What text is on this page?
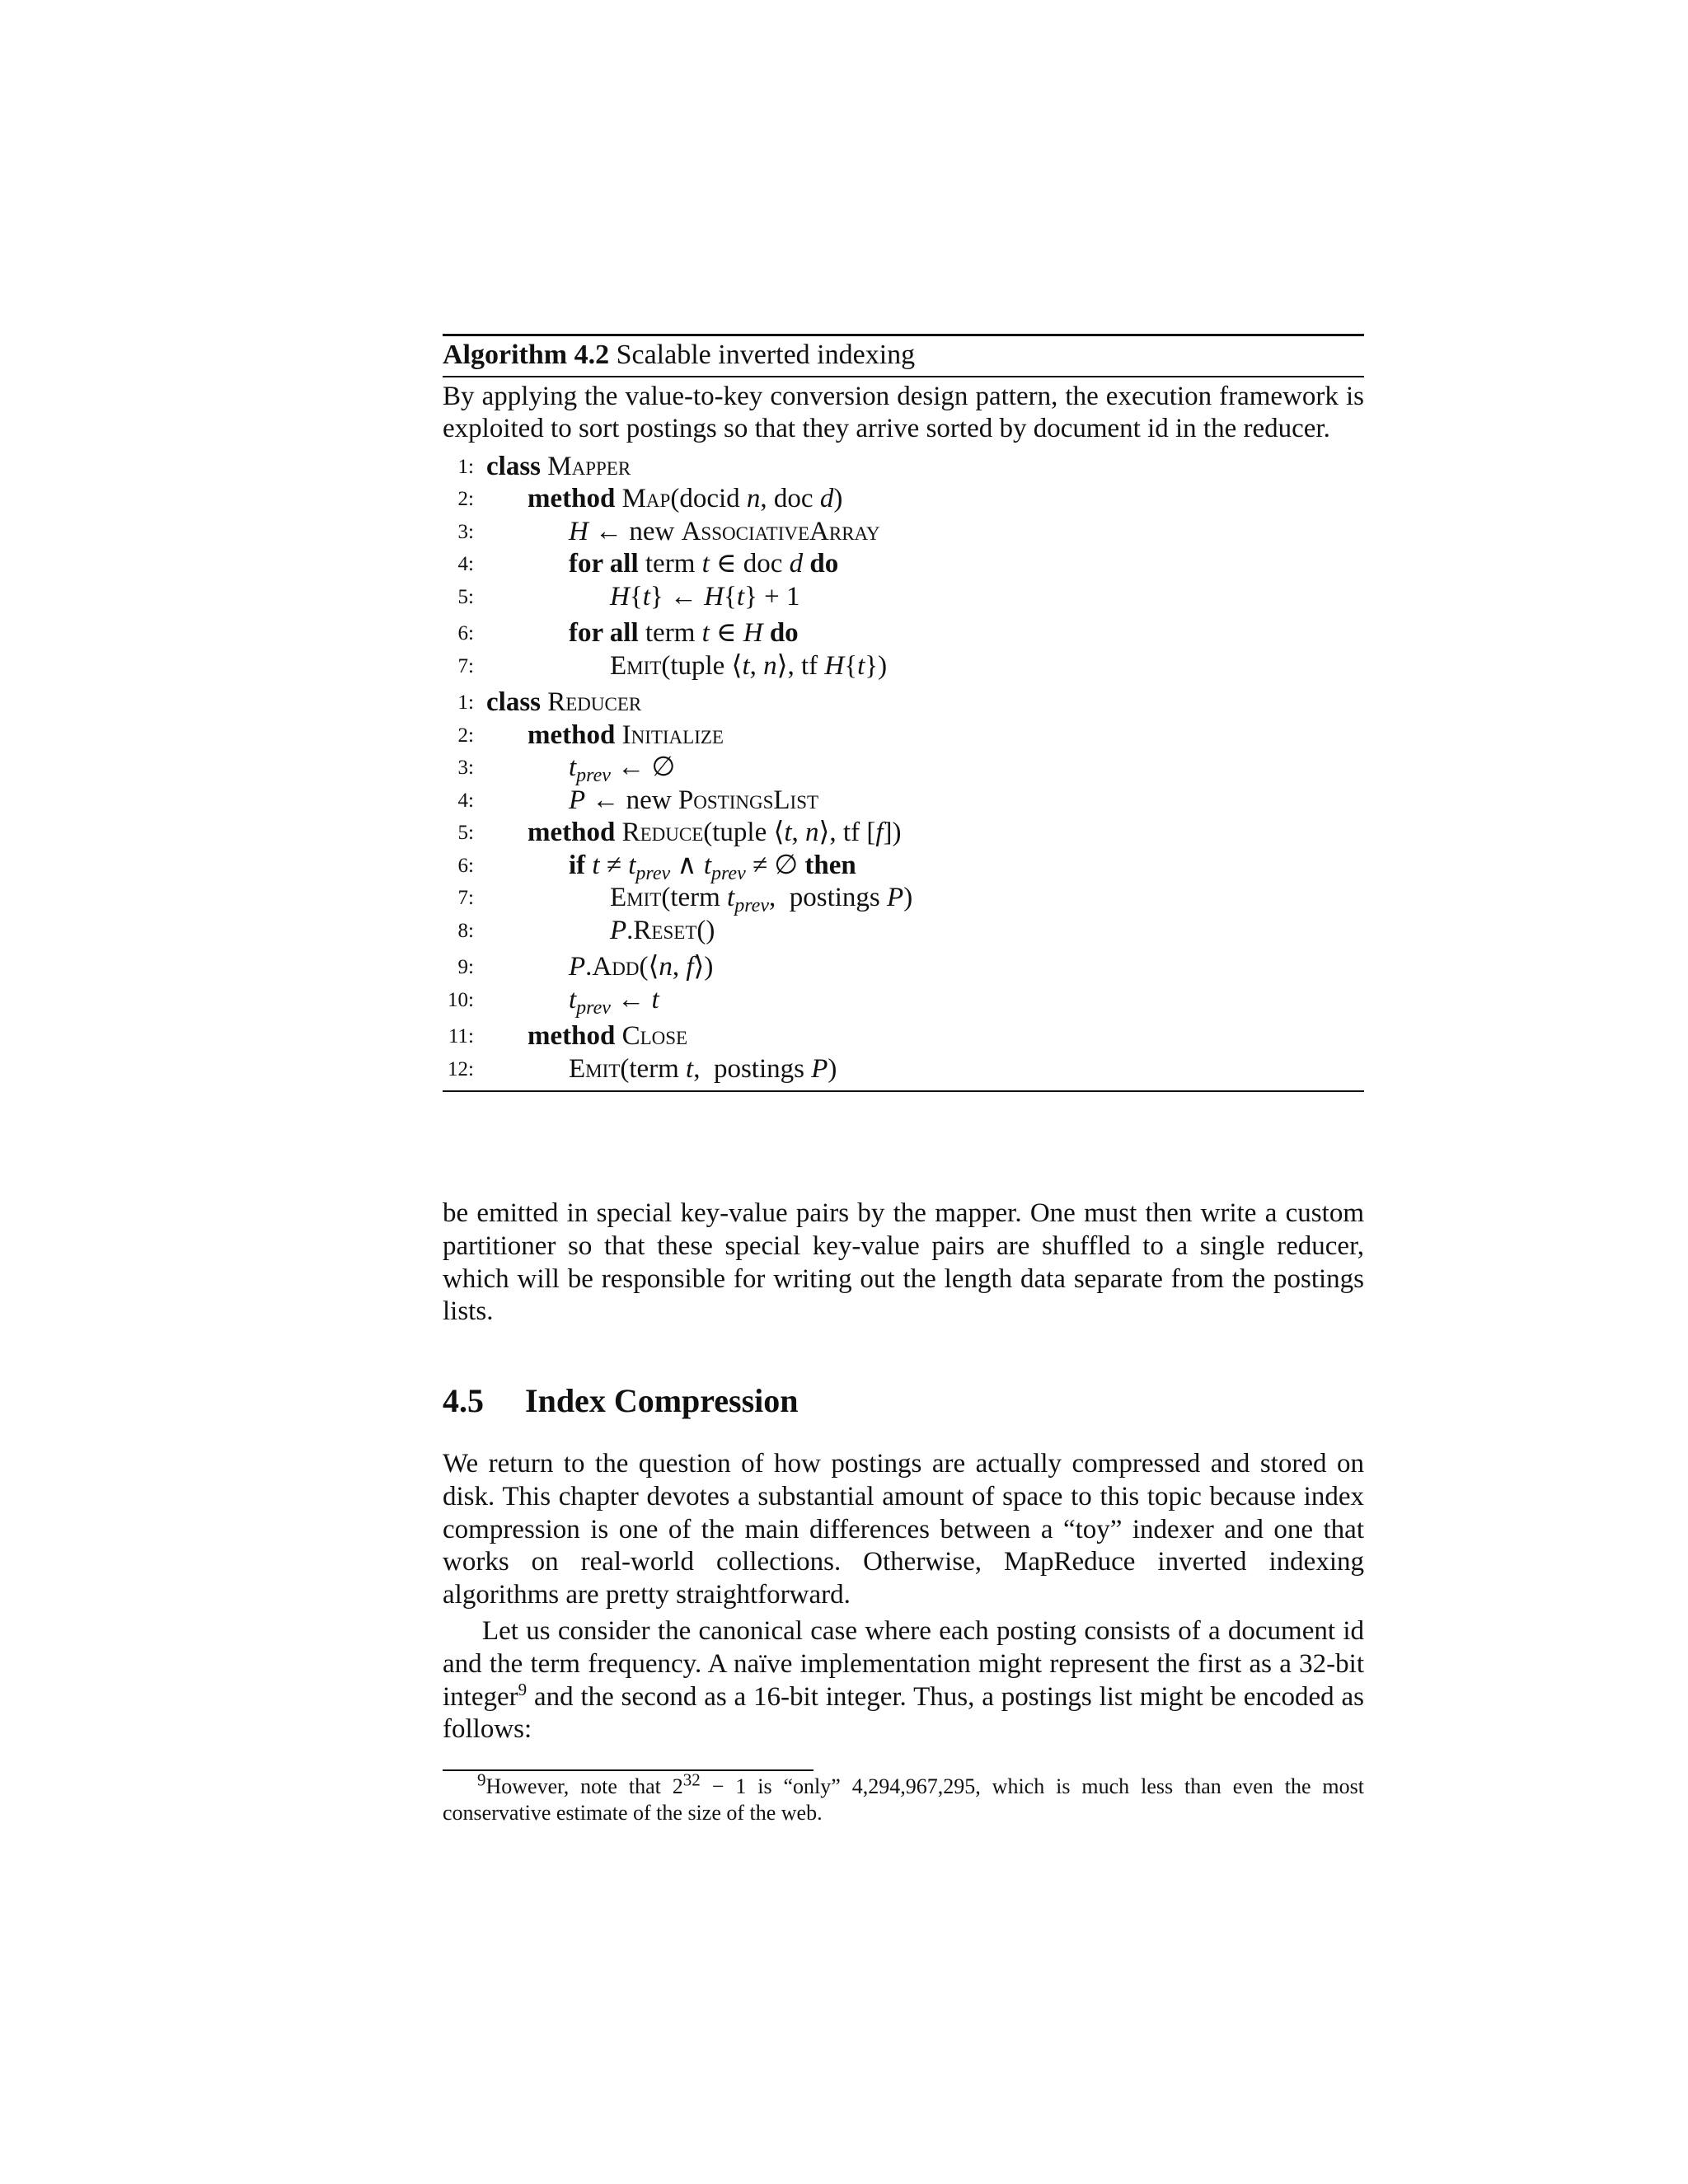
Algorithm 4.2 Scalable inverted indexing
By applying the value-to-key conversion design pattern, the execution framework is exploited to sort postings so that they arrive sorted by document id in the reducer.
1: class Mapper
2: method Map(docid n, doc d)
3:	H ← new AssociativeArray
4:	for all term t ∈ doc d do
5:	H{t} ← H{t} + 1
6:	for all term t ∈ H do
7:	Emit(tuple ⟨t, n⟩, tf H{t})
1: class Reducer
2: method Initialize
3:	$t_{prev}$ ← ∅
4:	P ← new PostingsList
5: method Reduce(tuple ⟨t, n⟩, tf [f])
6:	if $t \ne t_{prev}$ ∧ $t_{prev}$ ≠ ∅ then
7:	Emit(term $t_{prev}$,  postings P)
8:	P.Reset()
9:	P.Add(⟨n, f⟩)
10:	$t_{prev}$ ← t
11: method Close
12:	Emit(term t,  postings P)
be emitted in special key-value pairs by the mapper. One must then write a custom partitioner so that these special key-value pairs are shuffled to a single reducer, which will be responsible for writing out the length data separate from the postings lists.
4.5 Index Compression
We return to the question of how postings are actually compressed and stored on disk. This chapter devotes a substantial amount of space to this topic because index compression is one of the main differences between a “toy” indexer and one that works on real-world collections. Otherwise, MapReduce inverted indexing algorithms are pretty straightforward.
Let us consider the canonical case where each posting consists of a document id and the term frequency. A naïve implementation might represent the first as a 32-bit integer$^9$ and the second as a 16-bit integer. Thus, a postings list might be encoded as follows:
$^9$However, note that $2^{32} - 1$ is “only” 4,294,967,295, which is much less than even the most conservative estimate of the size of the web.
